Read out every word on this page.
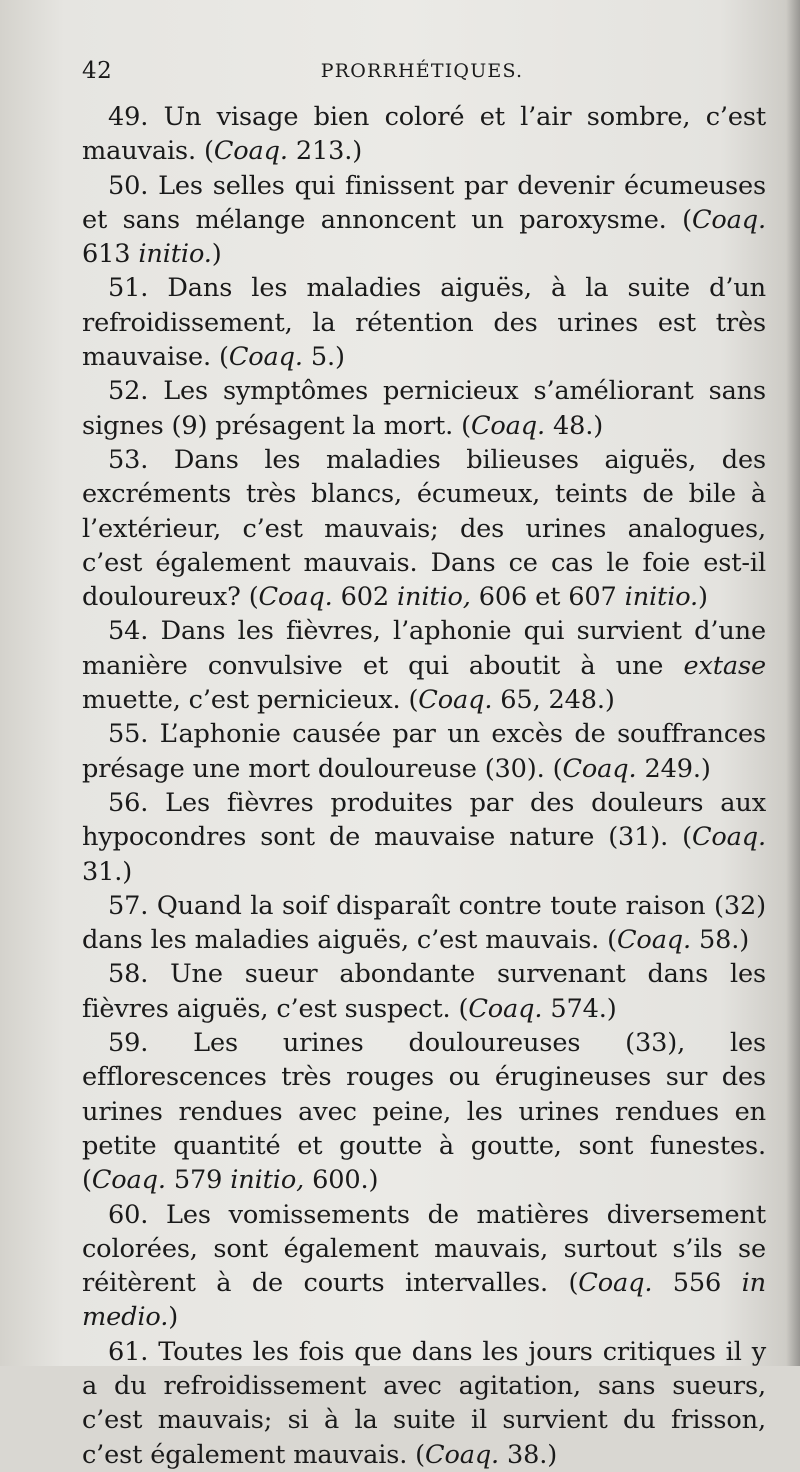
42	PRORRHÉTIQUES.

49. Un visage bien coloré et l’air sombre, c’est mauvais. (Coaq. 213.)

50. Les selles qui finissent par devenir écumeuses et sans mélange annoncent un paroxysme. (Coaq. 613 initio.)

51. Dans les maladies aiguës, à la suite d’un refroidissement, la rétention des urines est très mauvaise. (Coaq. 5.)

52. Les symptômes pernicieux s’améliorant sans signes (9) présagent la mort. (Coaq. 48.)

53. Dans les maladies bilieuses aiguës, des excréments très blancs, écumeux, teints de bile à l’extérieur, c’est mauvais; des urines analogues, c’est également mauvais. Dans ce cas le foie est-il douloureux? (Coaq. 602 initio, 606 et 607 initio.)

54. Dans les fièvres, l’aphonie qui survient d’une manière convulsive et qui aboutit à une extase muette, c’est pernicieux. (Coaq. 65, 248.)

55. L’aphonie causée par un excès de souffrances présage une mort douloureuse (30). (Coaq. 249.)

56. Les fièvres produites par des douleurs aux hypocondres sont de mauvaise nature (31). (Coaq. 31.)

57. Quand la soif disparaît contre toute raison (32) dans les maladies aiguës, c’est mauvais. (Coaq. 58.)

58. Une sueur abondante survenant dans les fièvres aiguës, c’est suspect. (Coaq. 574.)

59. Les urines douloureuses (33), les efflorescences très rouges ou érugineuses sur des urines rendues avec peine, les urines rendues en petite quantité et goutte à goutte, sont funestes. (Coaq. 579 initio, 600.)

60. Les vomissements de matières diversement colorées, sont également mauvais, surtout s’ils se réitèrent à de courts intervalles. (Coaq. 556 in medio.)

61. Toutes les fois que dans les jours critiques il y a du refroidissement avec agitation, sans sueurs, c’est mauvais; si à la suite il survient du frisson, c’est également mauvais. (Coaq. 38.)
